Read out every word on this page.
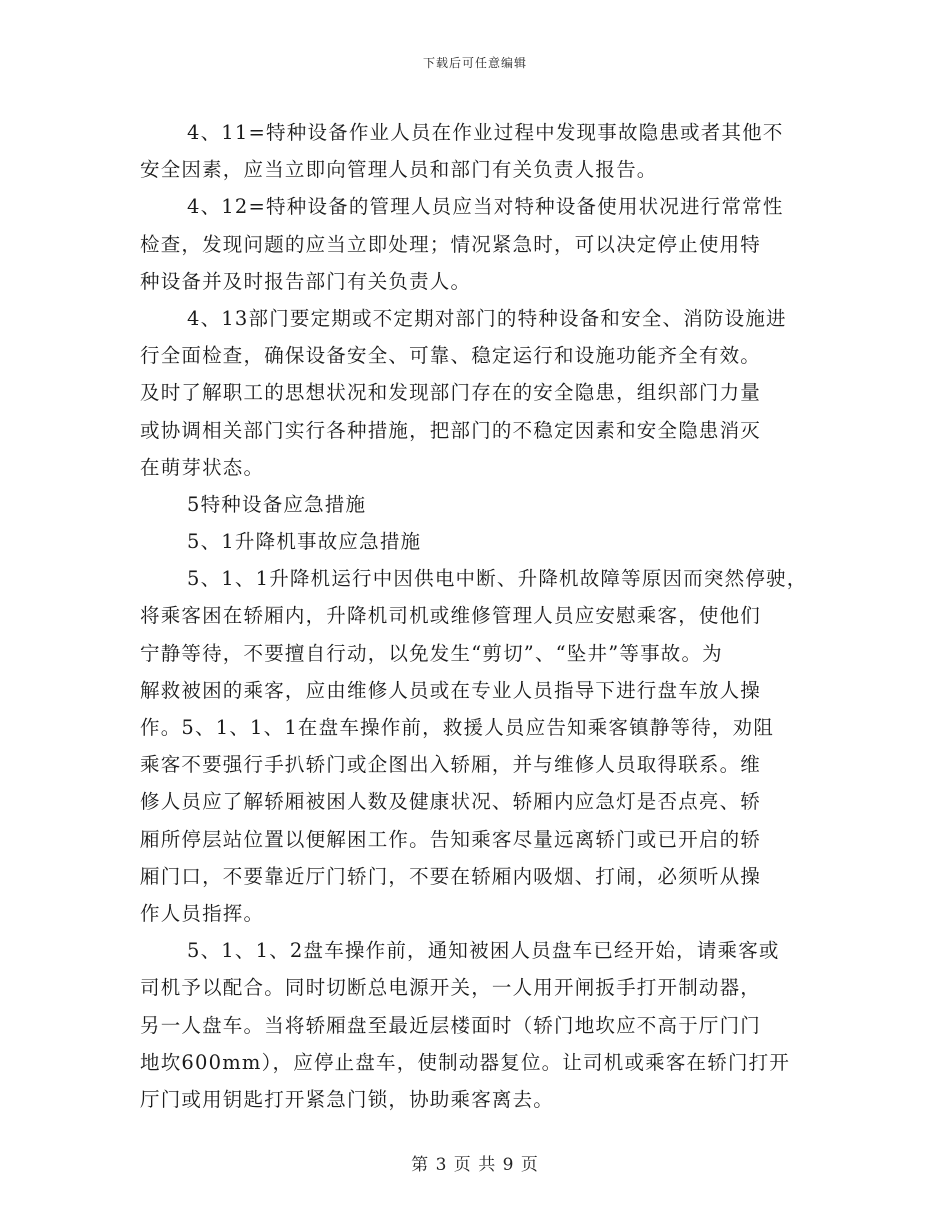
下载后可任意编辑
4、11=特种设备作业人员在作业过程中发现事故隐患或者其他不
安全因素，应当立即向管理人员和部门有关负责人报告。
4、12=特种设备的管理人员应当对特种设备使用状况进行常常性
检查，发现问题的应当立即处理；情况紧急时，可以决定停止使用特
种设备并及时报告部门有关负责人。
4、13部门要定期或不定期对部门的特种设备和安全、消防设施进
行全面检查，确保设备安全、可靠、稳定运行和设施功能齐全有效。
及时了解职工的思想状况和发现部门存在的安全隐患，组织部门力量
或协调相关部门实行各种措施，把部门的不稳定因素和安全隐患消灭
在萌芽状态。
5特种设备应急措施
5、1升降机事故应急措施
5、1、1升降机运行中因供电中断、升降机故障等原因而突然停驶，
将乘客困在轿厢内，升降机司机或维修管理人员应安慰乘客，使他们
宁静等待，不要擅自行动，以免发生“剪切”、“坠井”等事故。为
解救被困的乘客，应由维修人员或在专业人员指导下进行盘车放人操
作。5、1、1、1在盘车操作前，救援人员应告知乘客镇静等待，劝阻
乘客不要强行手扒轿门或企图出入轿厢，并与维修人员取得联系。维
修人员应了解轿厢被困人数及健康状况、轿厢内应急灯是否点亮、轿
厢所停层站位置以便解困工作。告知乘客尽量远离轿门或已开启的轿
厢门口，不要靠近厅门轿门，不要在轿厢内吸烟、打闹，必须听从操
作人员指挥。
5、1、1、2盘车操作前，通知被困人员盘车已经开始，请乘客或
司机予以配合。同时切断总电源开关，一人用开闸扳手打开制动器，
另一人盘车。当将轿厢盘至最近层楼面时（轿门地坎应不高于厅门门
地坎600mm），应停止盘车，使制动器复位。让司机或乘客在轿门打开
厅门或用钥匙打开紧急门锁，协助乘客离去。
第 3 页 共 9 页
